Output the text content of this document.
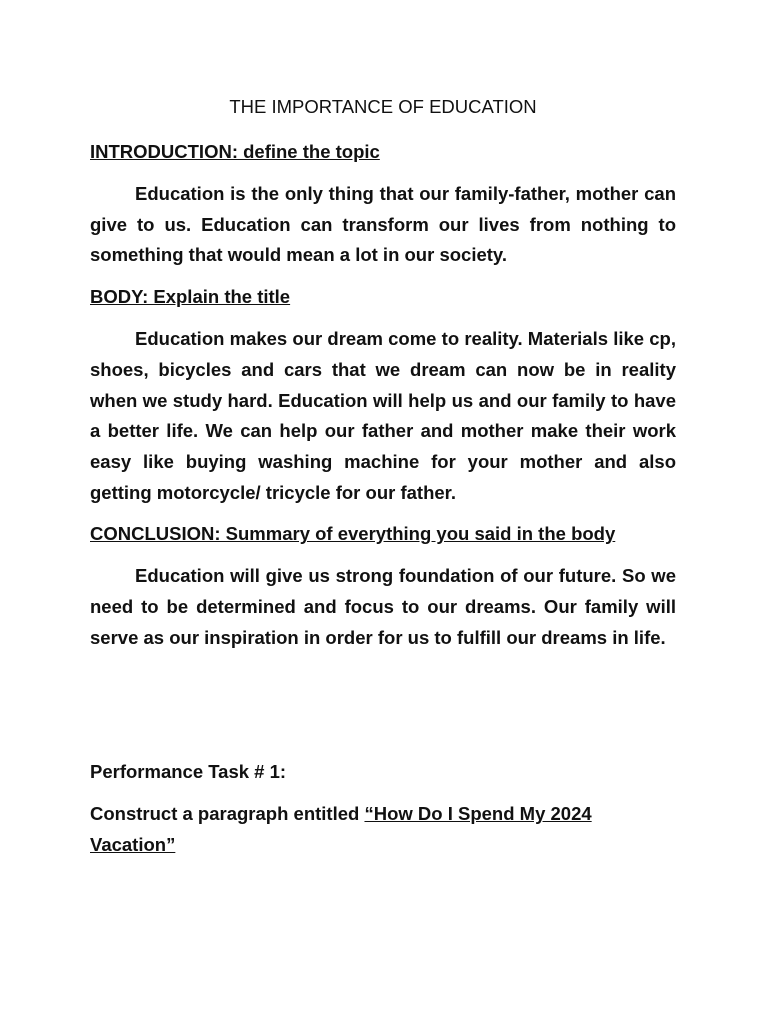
THE IMPORTANCE OF EDUCATION
INTRODUCTION: define the topic

Education is the only thing that our family-father, mother can give to us. Education can transform our lives from nothing to something that would mean a lot in our society.

BODY: Explain the title

Education makes our dream come to reality. Materials like cp, shoes, bicycles and cars that we dream can now be in reality when we study hard. Education will help us and our family to have a better life. We can help our father and mother make their work easy like buying washing machine for your mother and also getting motorcycle/ tricycle for our father.

CONCLUSION: Summary of everything you said in the body

Education will give us strong foundation of our future. So we need to be determined and focus to our dreams. Our family will serve as our inspiration in order for us to fulfill our dreams in life.

Performance Task # 1:

Construct a paragraph entitled “How Do I Spend My 2024 Vacation”
